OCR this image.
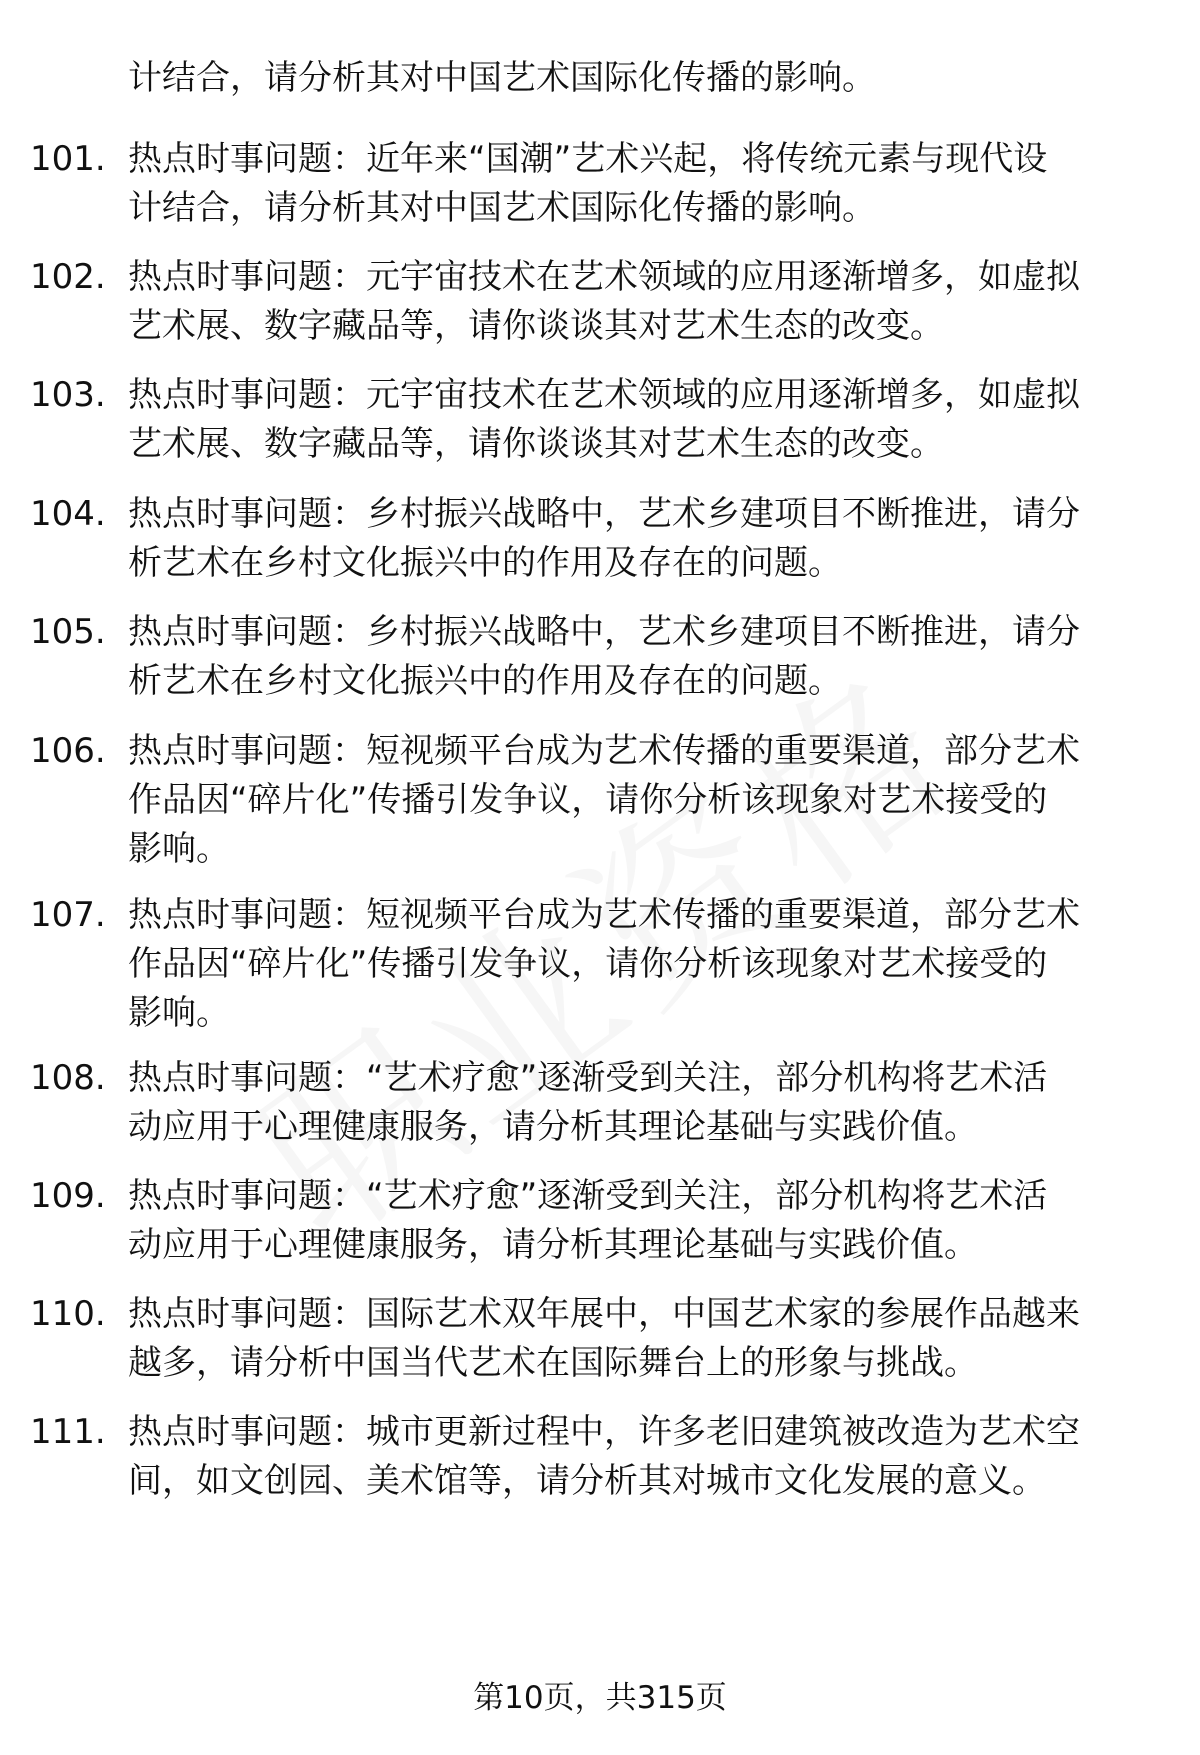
计结合，请分析其对中国艺术国际化传播的影响。

101. 热点时事问题：近年来“国潮”艺术兴起，将传统元素与现代设
计结合，请分析其对中国艺术国际化传播的影响。
102. 热点时事问题：元宇宙技术在艺术领域的应用逐渐增多，如虚拟
艺术展、数字藏品等，请你谈谈其对艺术生态的改变。
103. 热点时事问题：元宇宙技术在艺术领域的应用逐渐增多，如虚拟
艺术展、数字藏品等，请你谈谈其对艺术生态的改变。
104. 热点时事问题：乡村振兴战略中，艺术乡建项目不断推进，请分
析艺术在乡村文化振兴中的作用及存在的问题。
105. 热点时事问题：乡村振兴战略中，艺术乡建项目不断推进，请分
析艺术在乡村文化振兴中的作用及存在的问题。
106. 热点时事问题：短视频平台成为艺术传播的重要渠道，部分艺术
作品因“碎片化”传播引发争议，请你分析该现象对艺术接受的
影响。
107. 热点时事问题：短视频平台成为艺术传播的重要渠道，部分艺术
作品因“碎片化”传播引发争议，请你分析该现象对艺术接受的
影响。
108. 热点时事问题：“艺术疗愈”逐渐受到关注，部分机构将艺术活
动应用于心理健康服务，请分析其理论基础与实践价值。
109. 热点时事问题：“艺术疗愈”逐渐受到关注，部分机构将艺术活
动应用于心理健康服务，请分析其理论基础与实践价值。
110. 热点时事问题：国际艺术双年展中，中国艺术家的参展作品越来
越多，请分析中国当代艺术在国际舞台上的形象与挑战。
111. 热点时事问题：城市更新过程中，许多老旧建筑被改造为艺术空
间，如文创园、美术馆等，请分析其对城市文化发展的意义。
第10页，共315页
